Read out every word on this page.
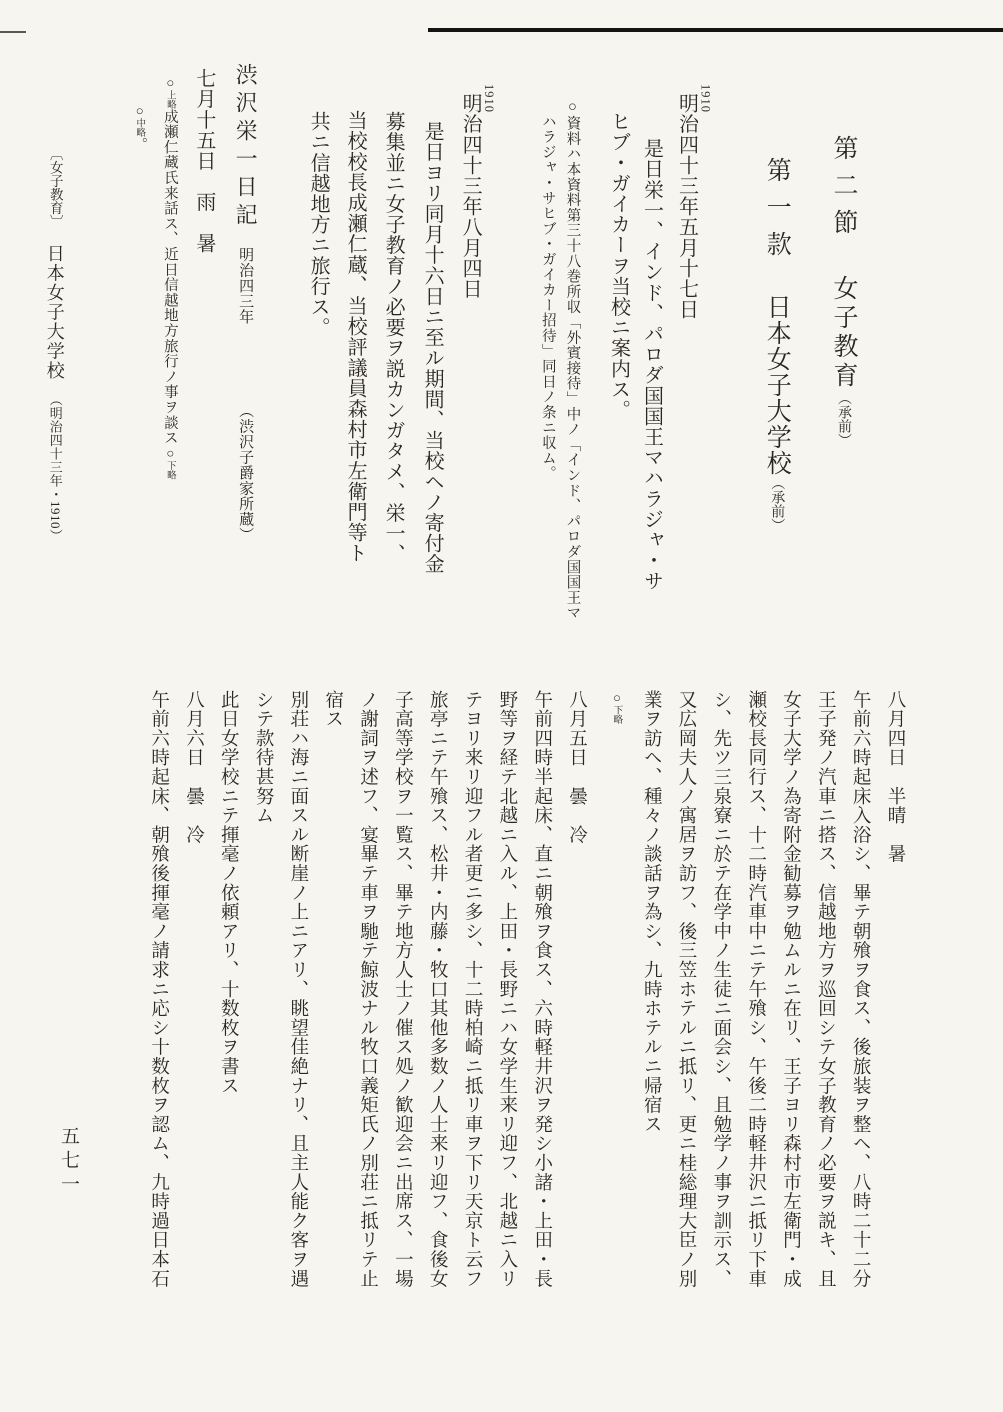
第二節　女子教育（承前）
第一款　日本女子大学校（承前）
1910
明治四十三年五月十七日
是日栄一、インド、パロダ国国王マハラジャ・サ
ヒブ・ガイカーヲ当校ニ案内ス。
○資料ハ本資料第三十八巻所収「外賓接待」中ノ「インド、パロダ国国王マ
ハラジャ・サヒブ・ガイカー招待」同日ノ条ニ収ム。
1910
明治四十三年八月四日
是日ヨリ同月十六日ニ至ル期間、当校ヘノ寄付金
募集並ニ女子教育ノ必要ヲ説カンガタメ、栄一、
当校校長成瀬仁蔵、当校評議員森村市左衛門等ト
共ニ信越地方ニ旅行ス。
渋沢栄一日記明治四三年（渋沢子爵家所蔵）
七月十五日　雨　暑
○上略成瀬仁蔵氏来話ス、近日信越地方旅行ノ事ヲ談ス○下略
○中略。
八月四日　半晴　暑
午前六時起床入浴シ、畢テ朝飱ヲ食ス、後旅装ヲ整ヘ、八時二十二分
王子発ノ汽車ニ搭ス、信越地方ヲ巡回シテ女子教育ノ必要ヲ説キ、且
女子大学ノ為寄附金勧募ヲ勉ムルニ在リ、王子ヨリ森村市左衛門・成
瀬校長同行ス、十二時汽車中ニテ午飱シ、午後二時軽井沢ニ抵リ下車
シ、先ツ三泉寮ニ於テ在学中ノ生徒ニ面会シ、且勉学ノ事ヲ訓示ス、
又広岡夫人ノ寓居ヲ訪フ、後三笠ホテルニ抵リ、更ニ桂総理大臣ノ別
業ヲ訪ヘ、種々ノ談話ヲ為シ、九時ホテルニ帰宿ス
○下略
八月五日　曇　冷
午前四時半起床、直ニ朝飱ヲ食ス、六時軽井沢ヲ発シ小諸・上田・長
野等ヲ経テ北越ニ入ル、上田・長野ニハ女学生来リ迎フ、北越ニ入リ
テヨリ来リ迎フル者更ニ多シ、十二時柏崎ニ抵リ車ヲ下リ天京ト云フ
旅亭ニテ午飱ス、松井・内藤・牧口其他多数ノ人士来リ迎フ、食後女
子高等学校ヲ一覧ス、畢テ地方人士ノ催ス処ノ歓迎会ニ出席ス、一場
ノ謝詞ヲ述フ、宴畢テ車ヲ馳テ鯨波ナル牧口義矩氏ノ別荘ニ抵リテ止
宿ス
別荘ハ海ニ面スル断崖ノ上ニアリ、眺望佳絶ナリ、且主人能ク客ヲ遇
シテ款待甚努ム
此日女学校ニテ揮毫ノ依頼アリ、十数枚ヲ書ス
八月六日　曇　冷
午前六時起床、朝飱後揮毫ノ請求ニ応シ十数枚ヲ認ム、九時過日本石
〔女子教育〕日本女子大学校（明治四十三年・1910）
五七一
